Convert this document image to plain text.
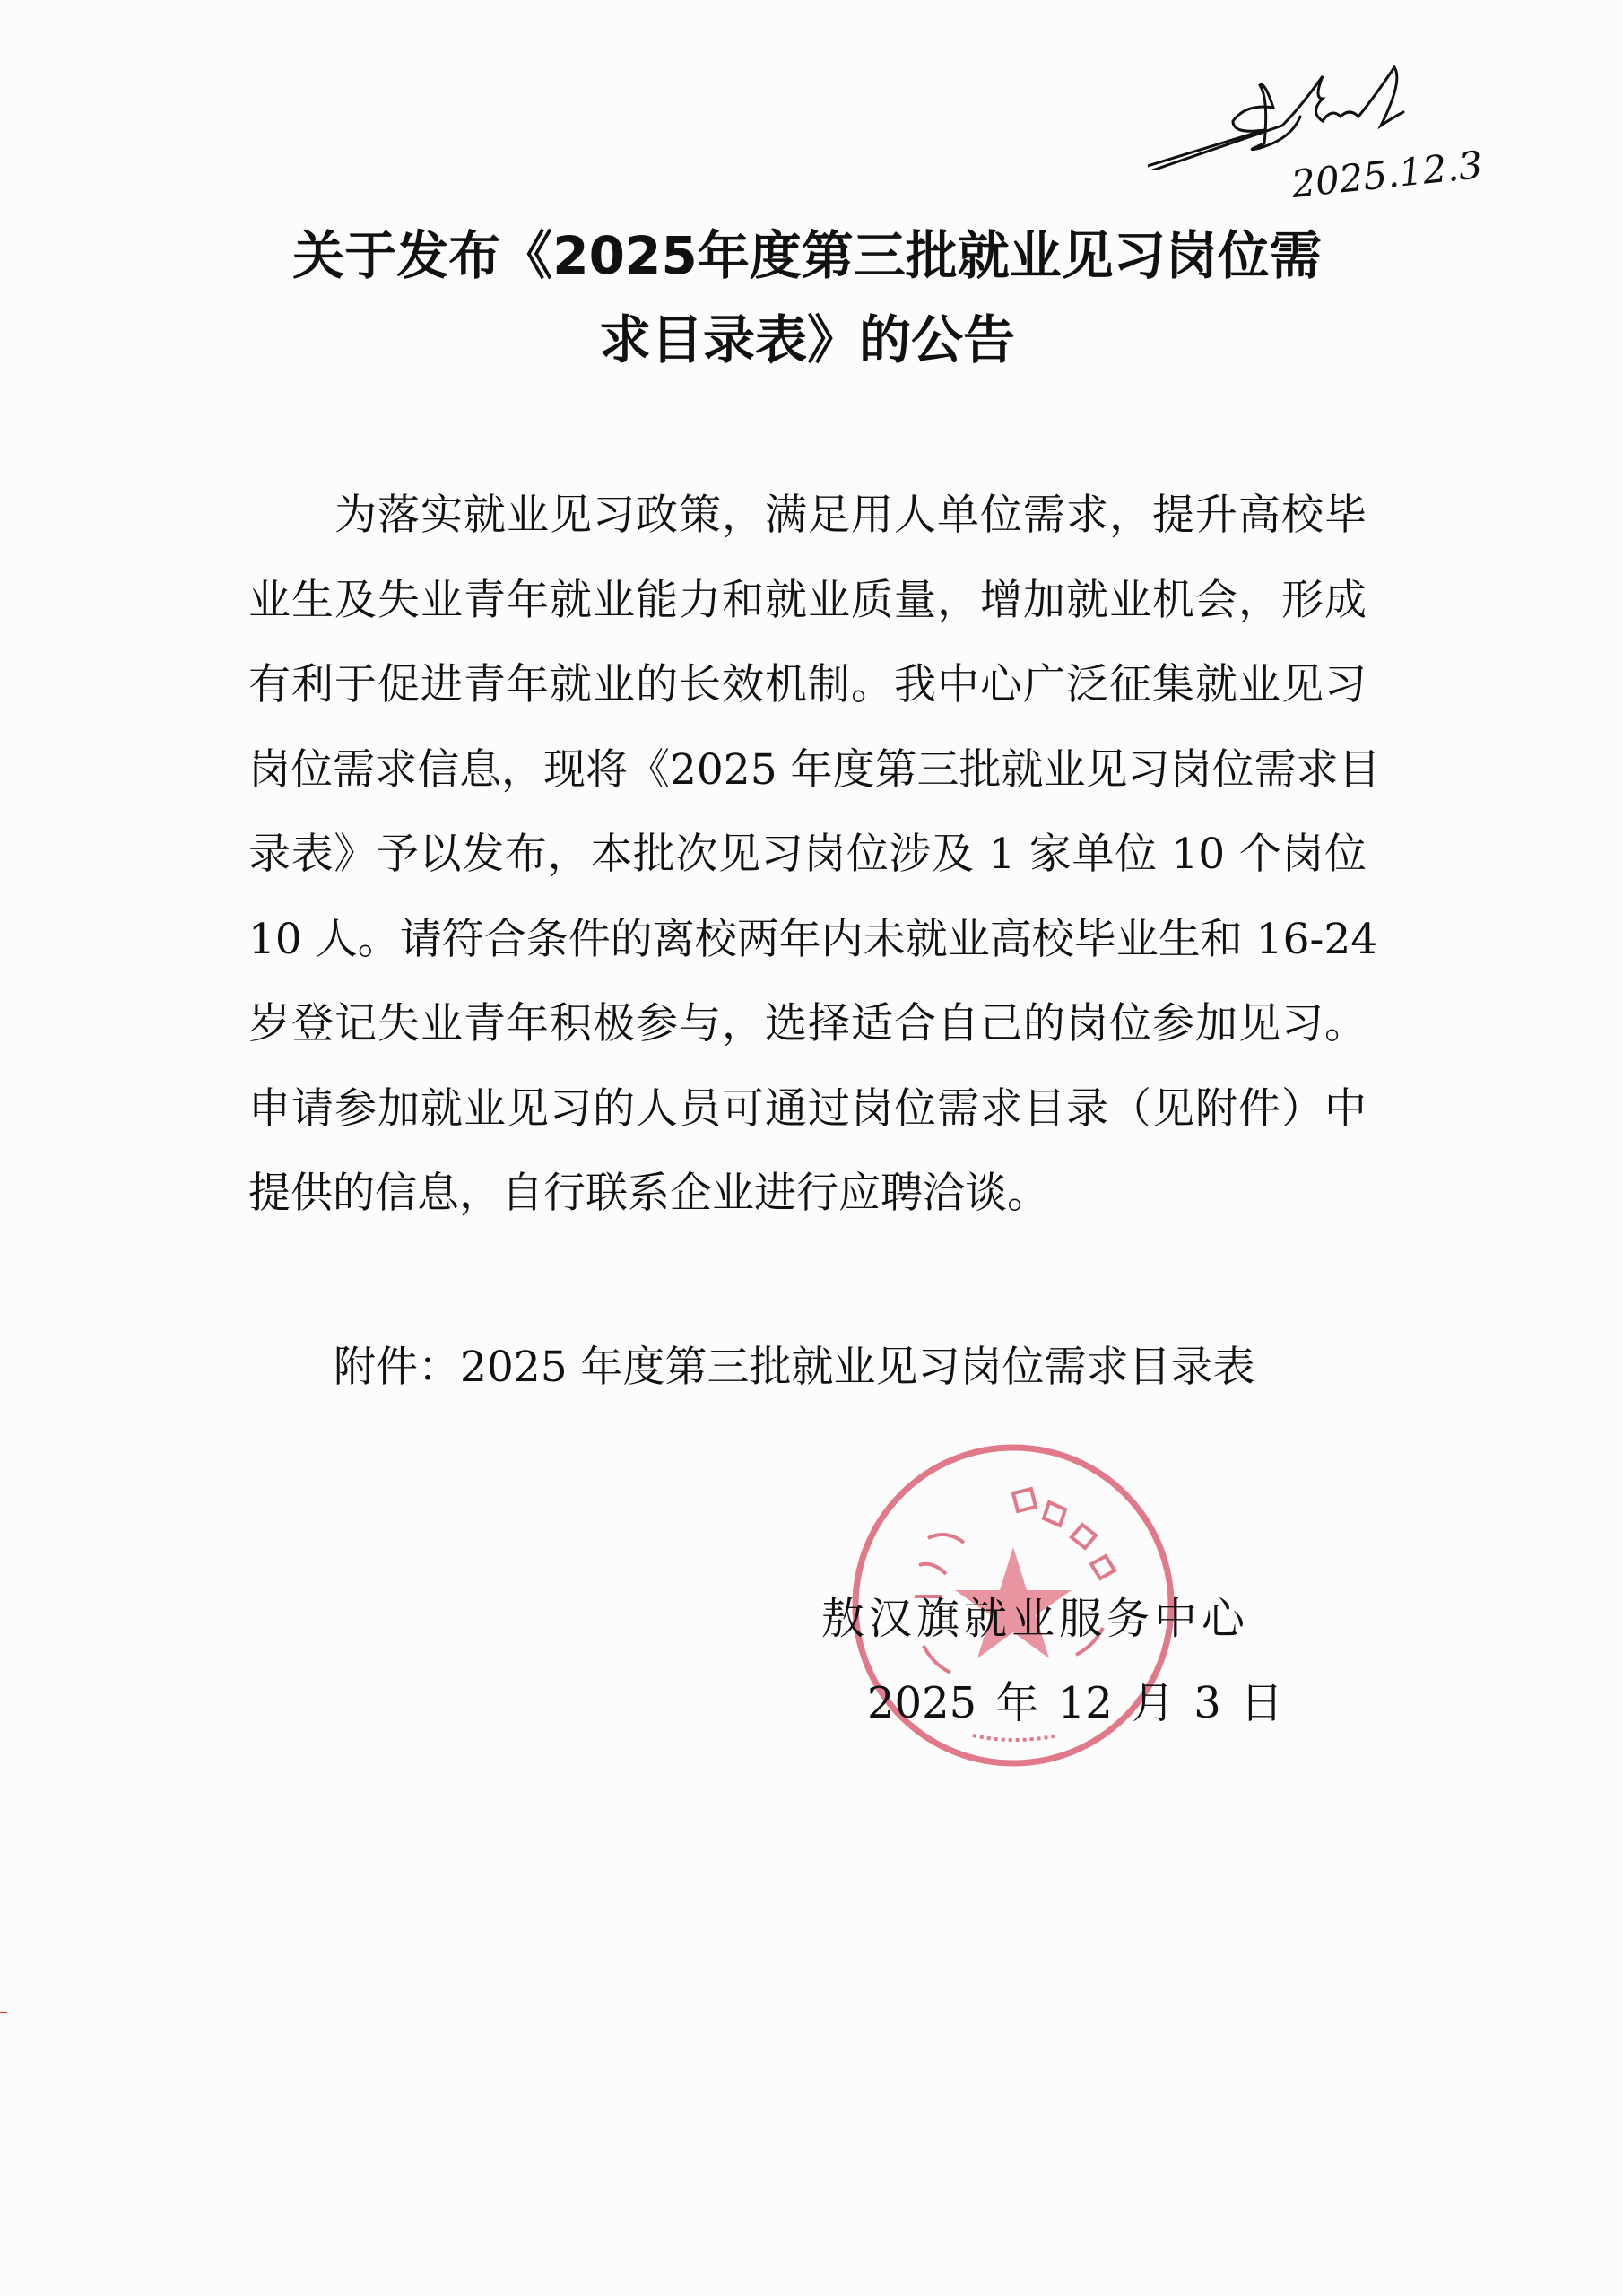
关于发布《2025年度第三批就业见习岗位需
求目录表》的公告
为落实就业见习政策，满足用人单位需求，提升高校毕
业生及失业青年就业能力和就业质量，增加就业机会，形成
有利于促进青年就业的长效机制。我中心广泛征集就业见习
岗位需求信息，现将《2025 年度第三批就业见习岗位需求目
录表》予以发布，本批次见习岗位涉及 1 家单位 10 个岗位
10 人。请符合条件的离校两年内未就业高校毕业生和 16-24
岁登记失业青年积极参与，选择适合自己的岗位参加见习。
申请参加就业见习的人员可通过岗位需求目录（见附件）中
提供的信息，自行联系企业进行应聘洽谈。
附件：2025 年度第三批就业见习岗位需求目录表
敖汉旗就业服务中心
2025 年 12 月 3 日
2025.12.3
